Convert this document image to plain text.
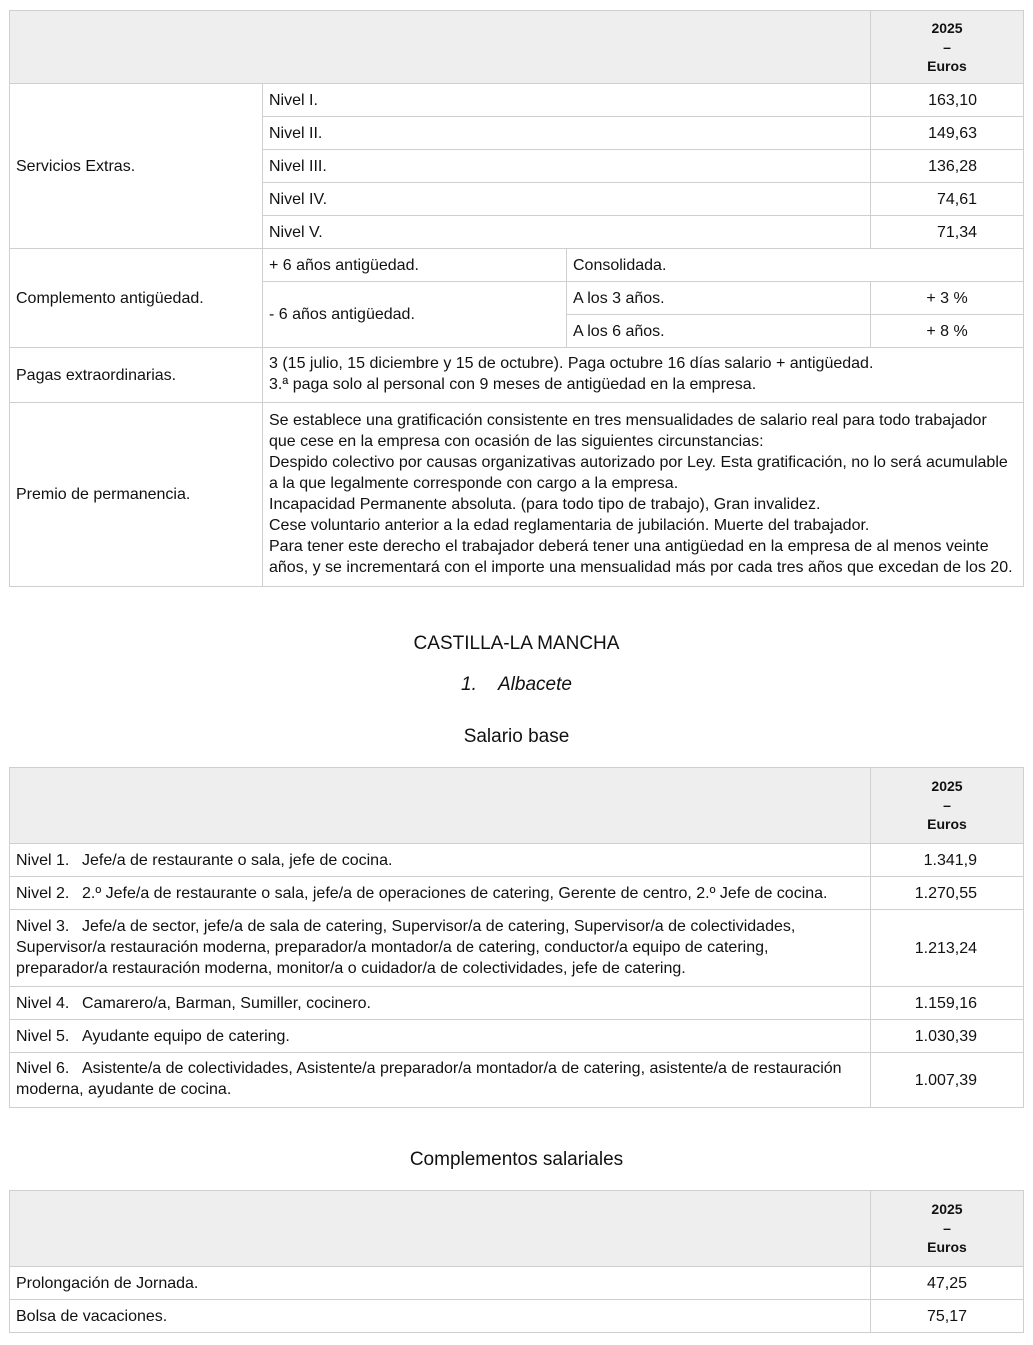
			2025
–
Euros

Servicios Extras.	Nivel I.		163,10
	Nivel II.		149,63
	Nivel III.		136,28
	Nivel IV.		74,61
	Nivel V.		71,34
Complemento antigüedad.	+ 6 años antigüedad.	Consolidada.	
	- 6 años antigüedad.	A los 3 años.	+ 3 %
		A los 6 años.	+ 8 %
Pagas extraordinarias.	3 (15 julio, 15 diciembre y 15 de octubre). Paga octubre 16 días salario + antigüedad.
3.ª paga solo al personal con 9 meses de antigüedad en la empresa.		

Premio de permanencia.	Se establece una gratificación consistente en tres mensualidades de salario real para todo trabajador que cese en la empresa con ocasión de las siguientes circunstancias:
Despido colectivo por causas organizativas autorizado por Ley. Esta gratificación, no lo será acumulable a la que legalmente corresponde con cargo a la empresa.
Incapacidad Permanente absoluta. (para todo tipo de trabajo), Gran invalidez.
Cese voluntario anterior a la edad reglamentaria de jubilación. Muerte del trabajador.
Para tener este derecho el trabajador deberá tener una antigüedad en la empresa de al menos veinte años, y se incrementará con el importe una mensualidad más por cada tres años que excedan de los 20.		
CASTILLA-LA MANCHA
1.    Albacete
Salario base

	2025
–
Euros

Nivel 1. Jefe/a de restaurante o sala, jefe de cocina.	1.341,9
Nivel 2. 2.º Jefe/a de restaurante o sala, jefe/a de operaciones de catering, Gerente de centro, 2.º Jefe de cocina.	1.270,55
Nivel 3. Jefe/a de sector, jefe/a de sala de catering, Supervisor/a de catering, Supervisor/a de colectividades, Supervisor/a restauración moderna, preparador/a montador/a de catering, conductor/a equipo de catering, preparador/a restauración moderna, monitor/a o cuidador/a de colectividades, jefe de catering.	1.213,24
Nivel 4. Camarero/a, Barman, Sumiller, cocinero.	1.159,16
Nivel 5. Ayudante equipo de catering.	1.030,39
Nivel 6. Asistente/a de colectividades, Asistente/a preparador/a montador/a de catering, asistente/a de restauración moderna, ayudante de cocina.	1.007,39
Complementos salariales

	2025
–
Euros

Prolongación de Jornada.	47,25
Bolsa de vacaciones.	75,17
